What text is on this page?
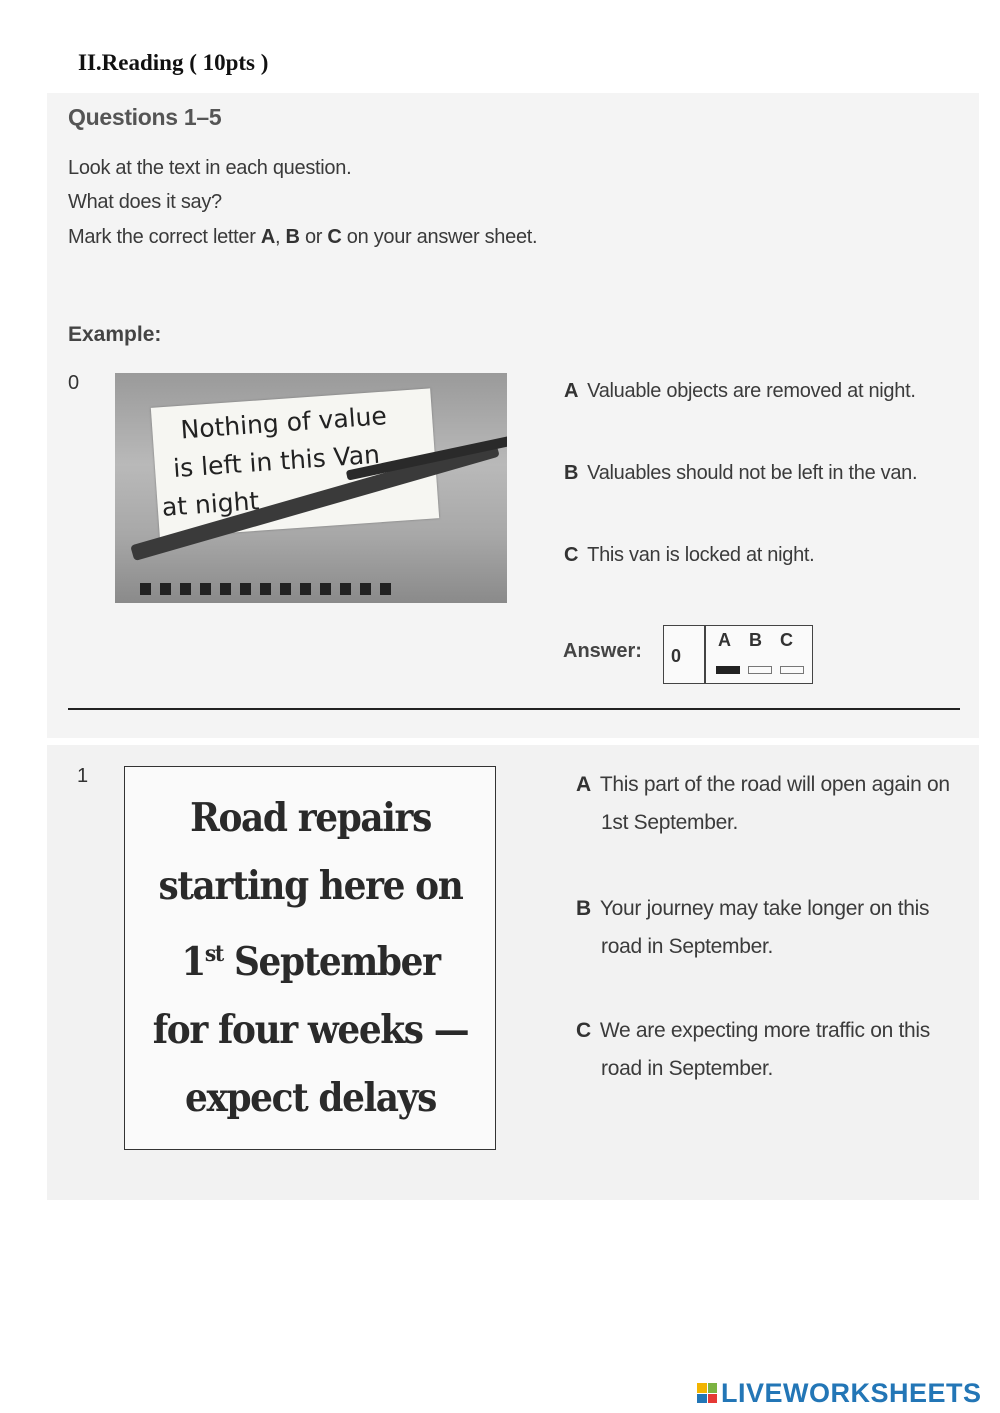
II.Reading ( 10pts )
Questions 1–5
Look at the text in each question.
What does it say?
Mark the correct letter A, B or C on your answer sheet.
Example:
0
Nothing of value
is left in this Van
at night
A Valuable objects are removed at night.
B Valuables should not be left in the van.
C This van is locked at night.
Answer: 0
A B C
1
Road repairs
starting here on
1st September
for four weeks —
expect delays
A This part of the road will open again on
1st September.
B Your journey may take longer on this
road in September.
C We are expecting more traffic on this
road in September.
LIVEWORKSHEETS
